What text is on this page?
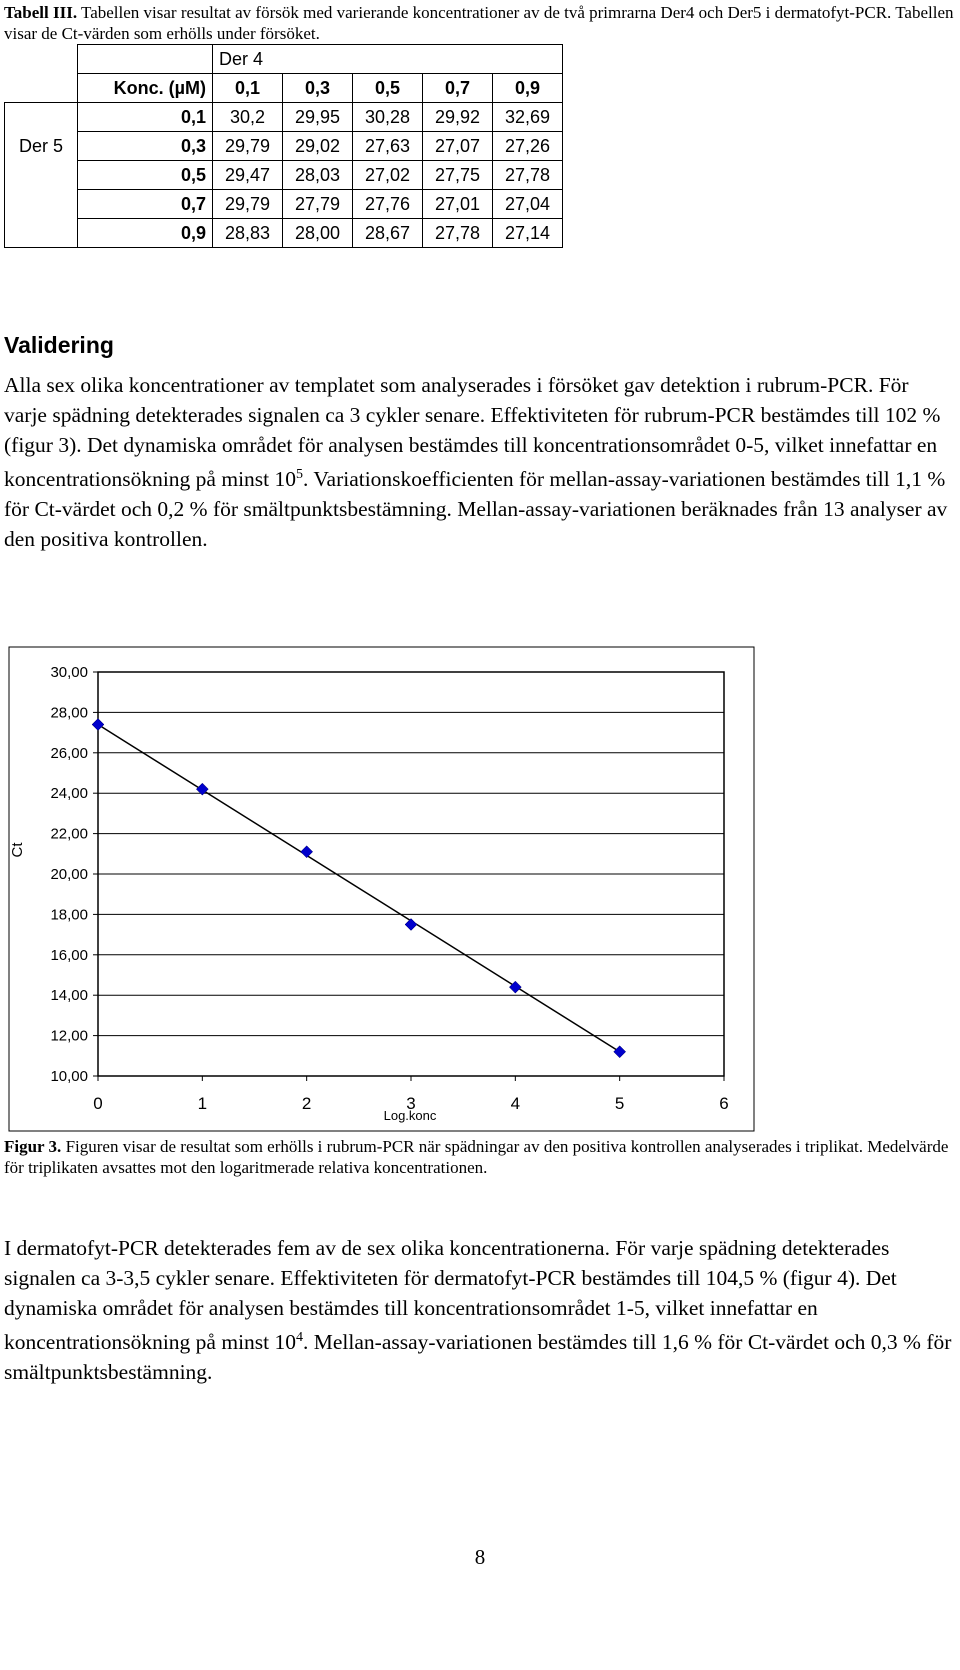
Tabell III. Tabellen visar resultat av försök med varierande koncentrationer av de två primrarna Der4 och Der5 i dermatofyt-PCR. Tabellen visar de Ct-värden som erhölls under försöket.
		Der 4				
	Konc. (µM)	0,1	0,3	0,5	0,7	0,9
	0,1	30,2	29,95	30,28	29,92	32,69
Der 5	0,3	29,79	29,02	27,63	27,07	27,26
	0,5	29,47	28,03	27,02	27,75	27,78
	0,7	29,79	27,79	27,76	27,01	27,04
	0,9	28,83	28,00	28,67	27,78	27,14
Validering
Alla sex olika koncentrationer av templatet som analyserades i försöket gav detektion i rubrum-PCR. För varje spädning detekterades signalen ca 3 cykler senare. Effektiviteten för rubrum-PCR bestämdes till 102 % (figur 3). Det dynamiska området för analysen bestämdes till koncentrationsområdet 0-5, vilket innefattar en koncentrationsökning på minst $10^5$. Variationskoefficienten för mellan-assay-variationen bestämdes till 1,1 % för Ct-värdet och 0,2 % för smältpunktsbestämning. Mellan-assay-variationen beräknades från 13 analyser av den positiva kontrollen.
10,00
12,00
14,00
16,00
18,00
20,00
22,00
24,00
26,00
28,00
30,00
0	1	2	3	4	5	6
Ct
Log.konc
Figur 3. Figuren visar de resultat som erhölls i rubrum-PCR när spädningar av den positiva kontrollen analyserades i triplikat. Medelvärde för triplikaten avsattes mot den logaritmerade relativa koncentrationen.
I dermatofyt-PCR detekterades fem av de sex olika koncentrationerna. För varje spädning detekterades signalen ca 3-3,5 cykler senare. Effektiviteten för dermatofyt-PCR bestämdes till 104,5 % (figur 4). Det dynamiska området för analysen bestämdes till koncentrationsområdet 1-5, vilket innefattar en koncentrationsökning på minst $10^4$. Mellan-assay-variationen bestämdes till 1,6 % för Ct-värdet och 0,3 % för smältpunktsbestämning.
8
